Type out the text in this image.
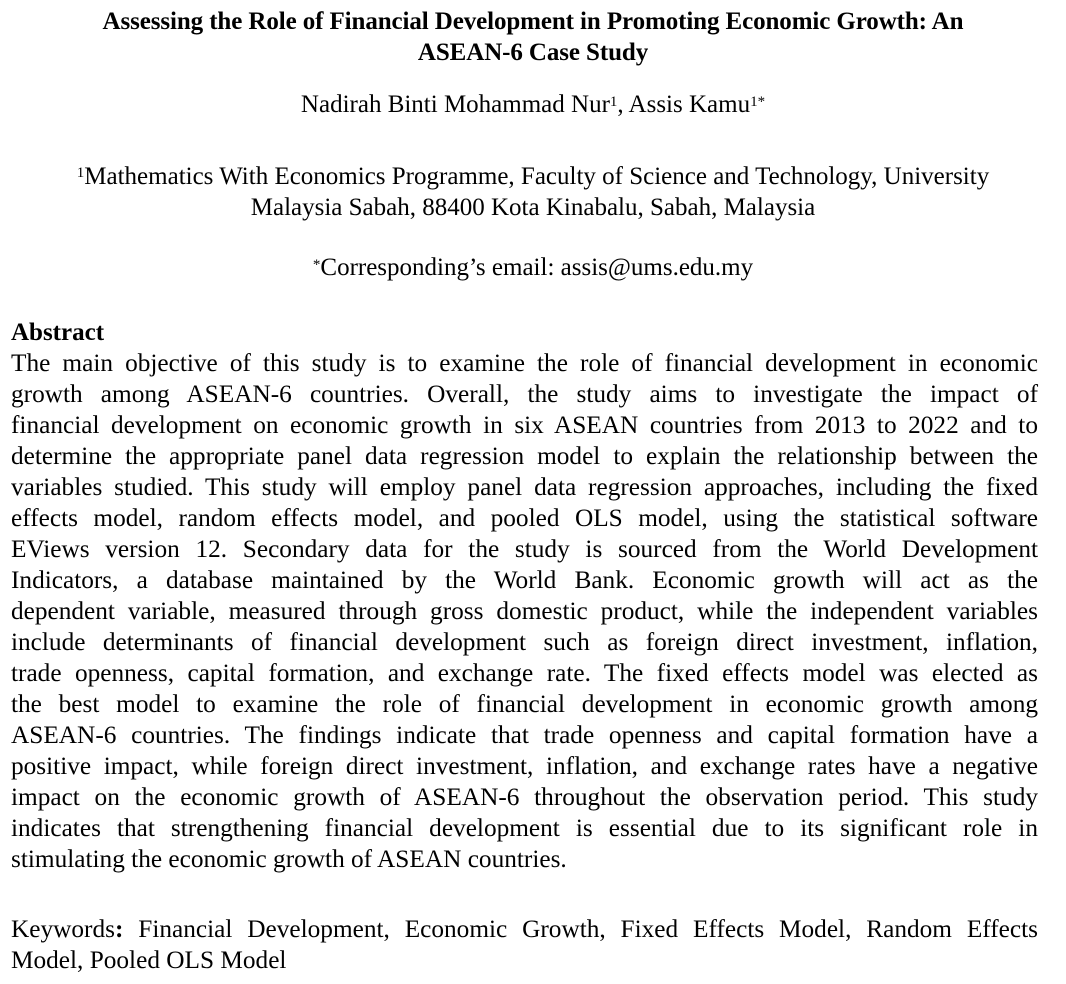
Assessing the Role of Financial Development in Promoting Economic Growth: An
ASEAN-6 Case Study
Nadirah Binti Mohammad Nur$^1$, Assis Kamu$^{1*}$
$^1$Mathematics With Economics Programme, Faculty of Science and Technology, University
Malaysia Sabah, 88400 Kota Kinabalu, Sabah, Malaysia
*Corresponding’s email: assis@ums.edu.my
Abstract
The main objective of this study is to examine the role of financial development in economic
growth among ASEAN-6 countries. Overall, the study aims to investigate the impact of
financial development on economic growth in six ASEAN countries from 2013 to 2022 and to
determine the appropriate panel data regression model to explain the relationship between the
variables studied. This study will employ panel data regression approaches, including the fixed
effects model, random effects model, and pooled OLS model, using the statistical software
EViews version 12. Secondary data for the study is sourced from the World Development
Indicators, a database maintained by the World Bank. Economic growth will act as the
dependent variable, measured through gross domestic product, while the independent variables
include determinants of financial development such as foreign direct investment, inflation,
trade openness, capital formation, and exchange rate. The fixed effects model was elected as
the best model to examine the role of financial development in economic growth among
ASEAN-6 countries. The findings indicate that trade openness and capital formation have a
positive impact, while foreign direct investment, inflation, and exchange rates have a negative
impact on the economic growth of ASEAN-6 throughout the observation period. This study
indicates that strengthening financial development is essential due to its significant role in
stimulating the economic growth of ASEAN countries.
Keywords: Financial Development, Economic Growth, Fixed Effects Model, Random Effects
Model, Pooled OLS Model
